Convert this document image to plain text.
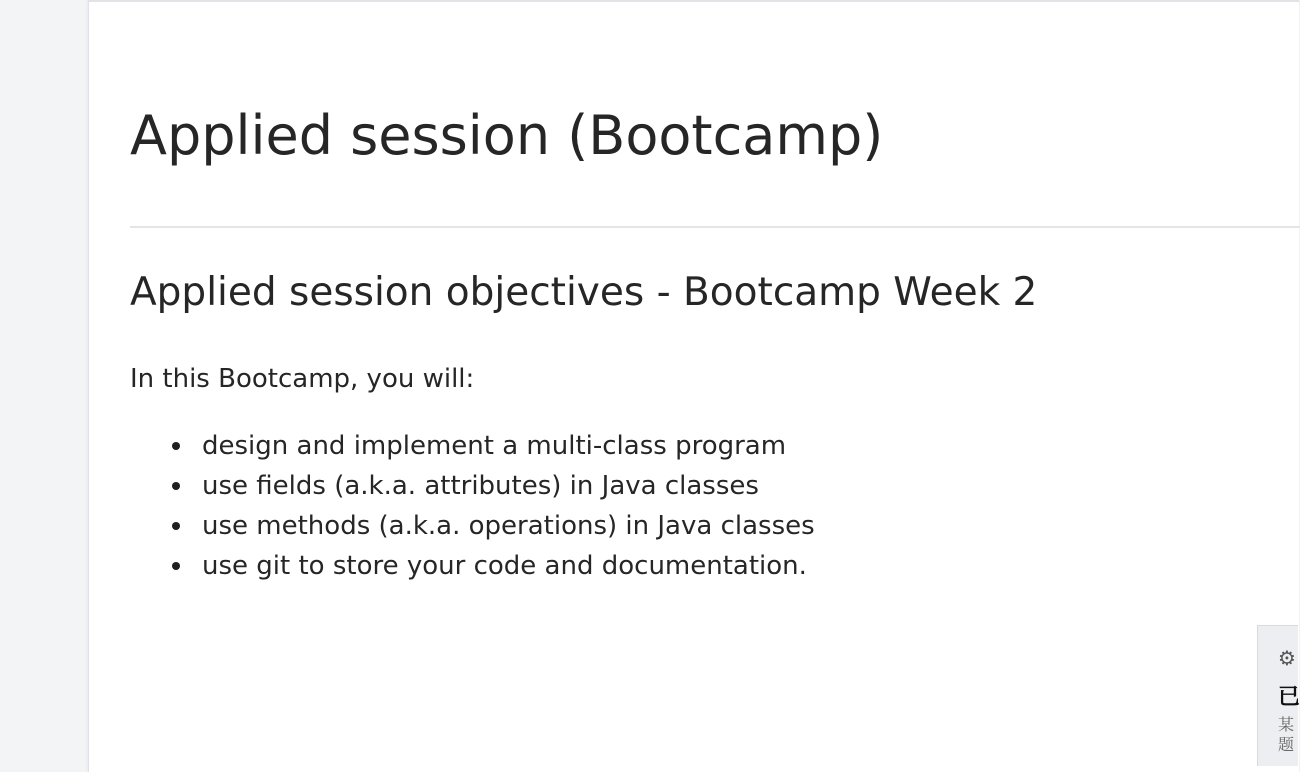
Applied session (Bootcamp)
Applied session objectives - Bootcamp Week 2

In this Bootcamp, you will:

design and implement a multi-class program
use fields (a.k.a. attributes) in Java classes
use methods (a.k.a. operations) in Java classes
use git to store your code and documentation.
⚙
已
某
题
